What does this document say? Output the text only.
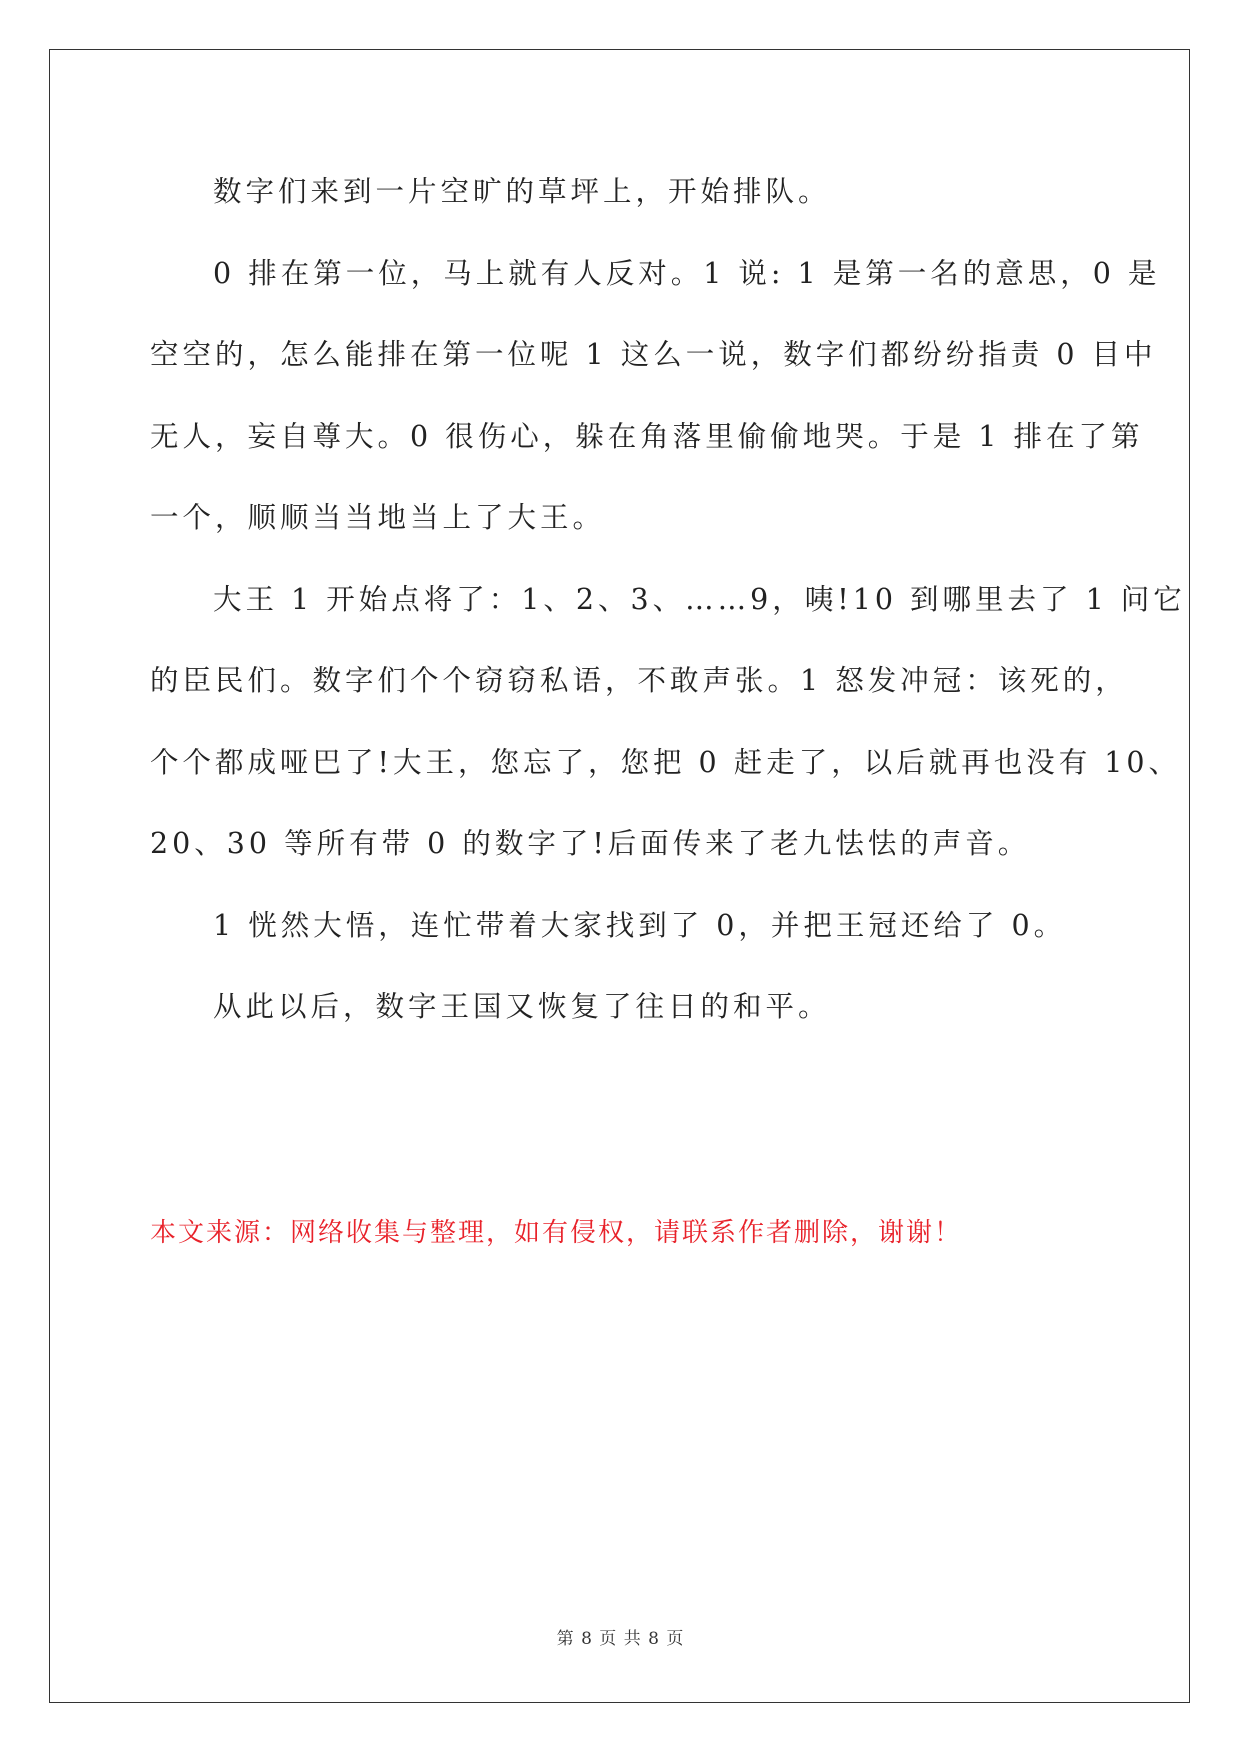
数字们来到一片空旷的草坪上，开始排队。
0 排在第一位，马上就有人反对。1 说: 1 是第一名的意思，0 是
空空的，怎么能排在第一位呢 1 这么一说，数字们都纷纷指责 0 目中
无人，妄自尊大。0 很伤心，躲在角落里偷偷地哭。于是 1 排在了第
一个，顺顺当当地当上了大王。
大王 1 开始点将了：1、2、3、……9，咦!10 到哪里去了 1 问它
的臣民们。数字们个个窃窃私语，不敢声张。1 怒发冲冠：该死的，
个个都成哑巴了!大王，您忘了，您把 0 赶走了，以后就再也没有 10、
20、30 等所有带 0 的数字了!后面传来了老九怯怯的声音。
1 恍然大悟，连忙带着大家找到了 0，并把王冠还给了 0。
从此以后，数字王国又恢复了往日的和平。
本文来源：网络收集与整理，如有侵权，请联系作者删除，谢谢！
第 8 页 共 8 页
